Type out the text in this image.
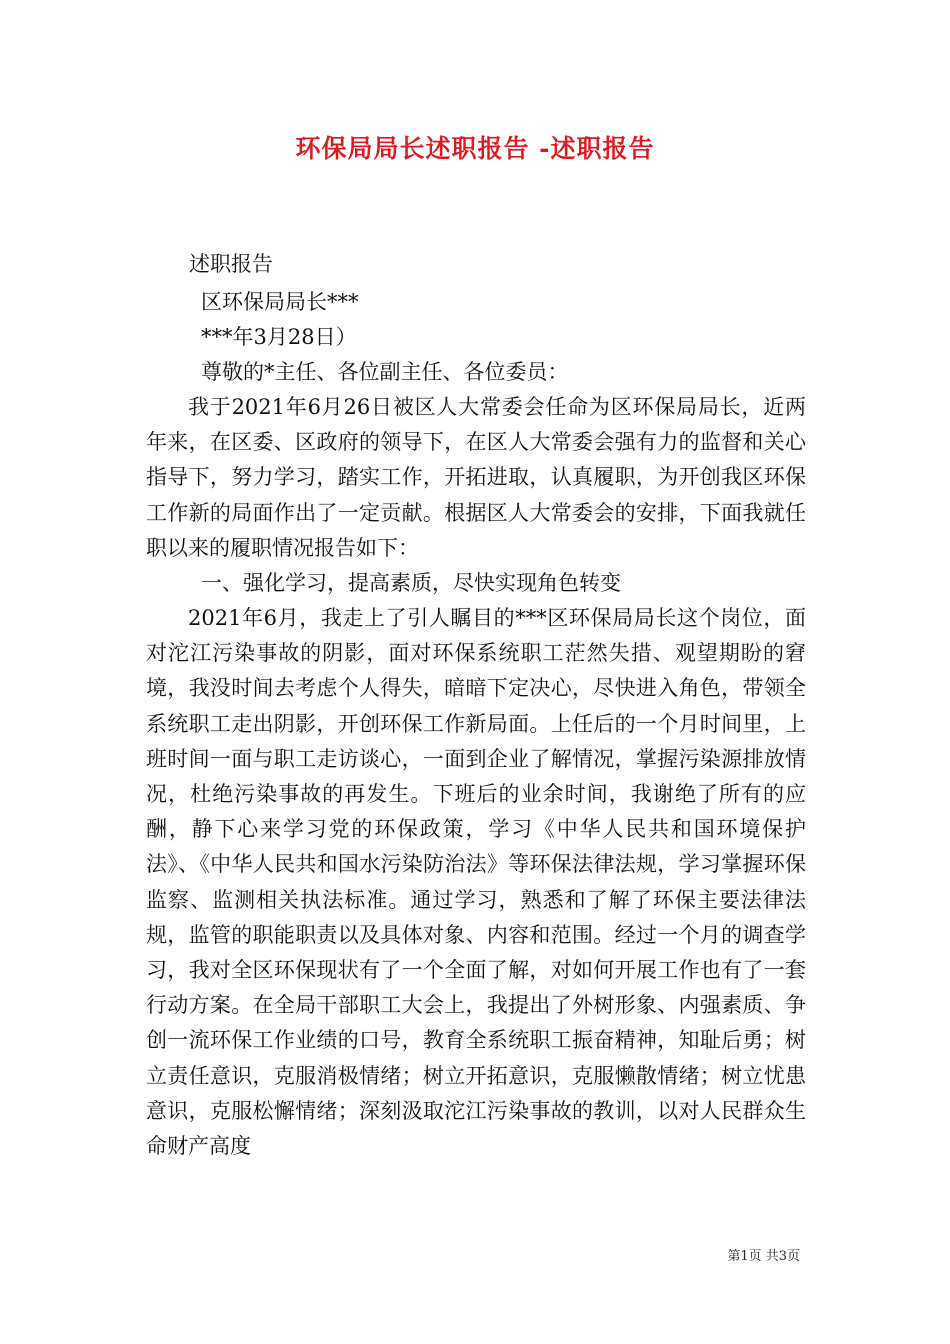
环保局局长述职报告 -述职报告
述职报告
区环保局局长***
***年3月28日）
尊敬的*主任、各位副主任、各位委员：

我于2021年6月26日被区人大常委会任命为区环保局局长，近两年来，在区委、区政府的领导下，在区人大常委会强有力的监督和关心指导下，努力学习，踏实工作，开拓进取，认真履职，为开创我区环保工作新的局面作出了一定贡献。根据区人大常委会的安排，下面我就任职以来的履职情况报告如下：

一、强化学习，提高素质，尽快实现角色转变

2021年6月，我走上了引人瞩目的***区环保局局长这个岗位，面对沱江污染事故的阴影，面对环保系统职工茫然失措、观望期盼的窘境，我没时间去考虑个人得失，暗暗下定决心，尽快进入角色，带领全系统职工走出阴影，开创环保工作新局面。上任后的一个月时间里，上班时间一面与职工走访谈心，一面到企业了解情况，掌握污染源排放情况，杜绝污染事故的再发生。下班后的业余时间，我谢绝了所有的应酬，静下心来学习党的环保政策，学习《中华人民共和国环境保护法》、《中华人民共和国水污染防治法》等环保法律法规，学习掌握环保监察、监测相关执法标准。通过学习，熟悉和了解了环保主要法律法规，监管的职能职责以及具体对象、内容和范围。经过一个月的调查学习，我对全区环保现状有了一个全面了解，对如何开展工作也有了一套行动方案。在全局干部职工大会上，我提出了外树形象、内强素质、争创一流环保工作业绩的口号，教育全系统职工振奋精神，知耻后勇；树立责任意识，克服消极情绪；树立开拓意识，克服懒散情绪；树立忧患意识，克服松懈情绪；深刻汲取沱江污染事故的教训，以对人民群众生命财产高度

第1页 共3页
